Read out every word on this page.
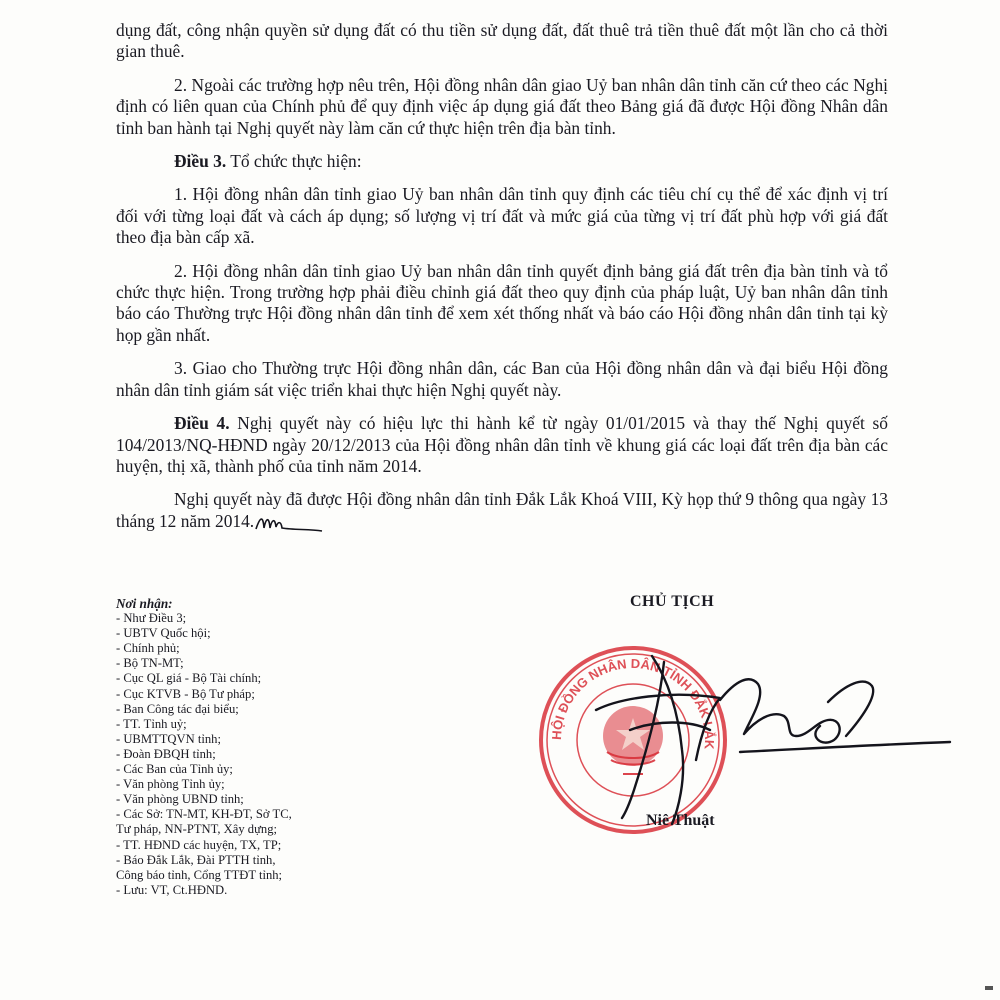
dụng đất, công nhận quyền sử dụng đất có thu tiền sử dụng đất, đất thuê trả tiền thuê đất một lần cho cả thời gian thuê.

2. Ngoài các trường hợp nêu trên, Hội đồng nhân dân giao Uỷ ban nhân dân tỉnh căn cứ theo các Nghị định có liên quan của Chính phủ để quy định việc áp dụng giá đất theo Bảng giá đã được Hội đồng Nhân dân tỉnh ban hành tại Nghị quyết này làm căn cứ thực hiện trên địa bàn tỉnh.

Điều 3. Tổ chức thực hiện:

1. Hội đồng nhân dân tỉnh giao Uỷ ban nhân dân tỉnh quy định các tiêu chí cụ thể để xác định vị trí đối với từng loại đất và cách áp dụng; số lượng vị trí đất và mức giá của từng vị trí đất phù hợp với giá đất theo địa bàn cấp xã.

2. Hội đồng nhân dân tỉnh giao Uỷ ban nhân dân tỉnh quyết định bảng giá đất trên địa bàn tỉnh và tổ chức thực hiện. Trong trường hợp phải điều chỉnh giá đất theo quy định của pháp luật, Uỷ ban nhân dân tỉnh báo cáo Thường trực Hội đồng nhân dân tỉnh để xem xét thống nhất và báo cáo Hội đồng nhân dân tỉnh tại kỳ họp gần nhất.

3. Giao cho Thường trực Hội đồng nhân dân, các Ban của Hội đồng nhân dân và đại biểu Hội đồng nhân dân tỉnh giám sát việc triển khai thực hiện Nghị quyết này.

Điều 4. Nghị quyết này có hiệu lực thi hành kể từ ngày 01/01/2015 và thay thế Nghị quyết số 104/2013/NQ-HĐND ngày 20/12/2013 của Hội đồng nhân dân tỉnh về khung giá các loại đất trên địa bàn các huyện, thị xã, thành phố của tỉnh năm 2014.

Nghị quyết này đã được Hội đồng nhân dân tỉnh Đắk Lắk Khoá VIII, Kỳ họp thứ 9 thông qua ngày 13 tháng 12 năm 2014.

Nơi nhận:
- Như Điều 3;
- UBTV Quốc hội;
- Chính phủ;
- Bộ TN-MT;
- Cục QL giá - Bộ Tài chính;
- Cục KTVB - Bộ Tư pháp;
- Ban Công tác đại biểu;
- TT. Tỉnh uỷ;
- UBMTTQVN tỉnh;
- Đoàn ĐBQH tỉnh;
- Các Ban của Tỉnh ủy;
- Văn phòng Tỉnh ủy;
- Văn phòng UBND tỉnh;
- Các Sở: TN-MT, KH-ĐT, Sở TC,
Tư pháp, NN-PTNT, Xây dựng;
- TT. HĐND các huyện, TX, TP;
- Báo Đắk Lắk, Đài PTTH tỉnh,
Công báo tỉnh, Cổng TTĐT tỉnh;
- Lưu: VT, Ct.HĐND.
CHỦ TỊCH
HỘI ĐỒNG NHÂN DÂN TỈNH ĐẮK LẮK
Niê Thuật
